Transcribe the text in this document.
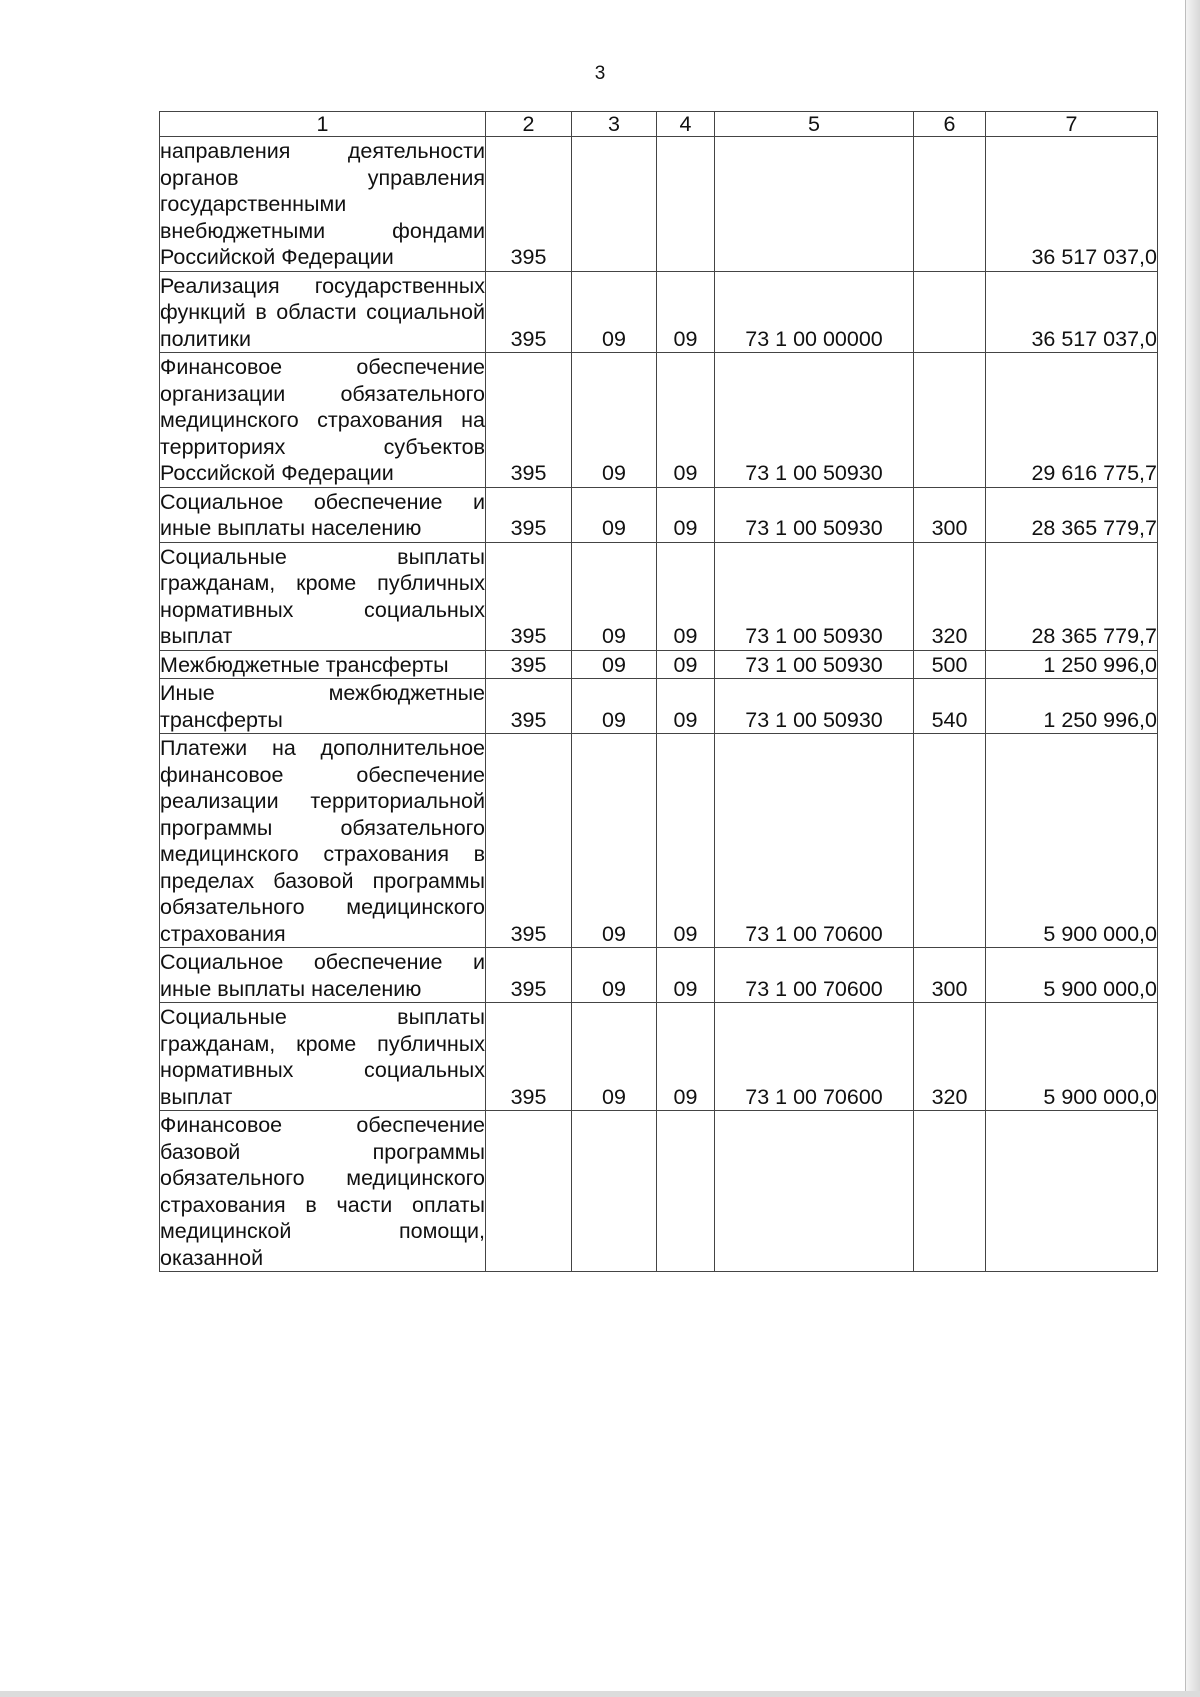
3
1	2	3	4	5	6	7
направления деятельности органов управления государственными внебюджетными фондами Российской Федерации	395					36 517 037,0
Реализация государственных функций в области социальной политики	395	09	09	73 1 00 00000		36 517 037,0
Финансовое обеспечение организации обязательного медицинского страхования на территориях субъектов Российской Федерации	395	09	09	73 1 00 50930		29 616 775,7
Социальное обеспечение и иные выплаты населению	395	09	09	73 1 00 50930	300	28 365 779,7
Социальные выплаты гражданам, кроме публичных нормативных социальных выплат	395	09	09	73 1 00 50930	320	28 365 779,7
Межбюджетные трансферты	395	09	09	73 1 00 50930	500	1 250 996,0
Иные межбюджетные трансферты	395	09	09	73 1 00 50930	540	1 250 996,0
Платежи на дополнительное финансовое обеспечение реализации территориальной программы обязательного медицинского страхования в пределах базовой программы обязательного медицинского страхования	395	09	09	73 1 00 70600		5 900 000,0
Социальное обеспечение и иные выплаты населению	395	09	09	73 1 00 70600	300	5 900 000,0
Социальные выплаты гражданам, кроме публичных нормативных социальных выплат	395	09	09	73 1 00 70600	320	5 900 000,0
Финансовое обеспечение базовой программы обязательного медицинского страхования в части оплаты медицинской помощи, оказанной						
